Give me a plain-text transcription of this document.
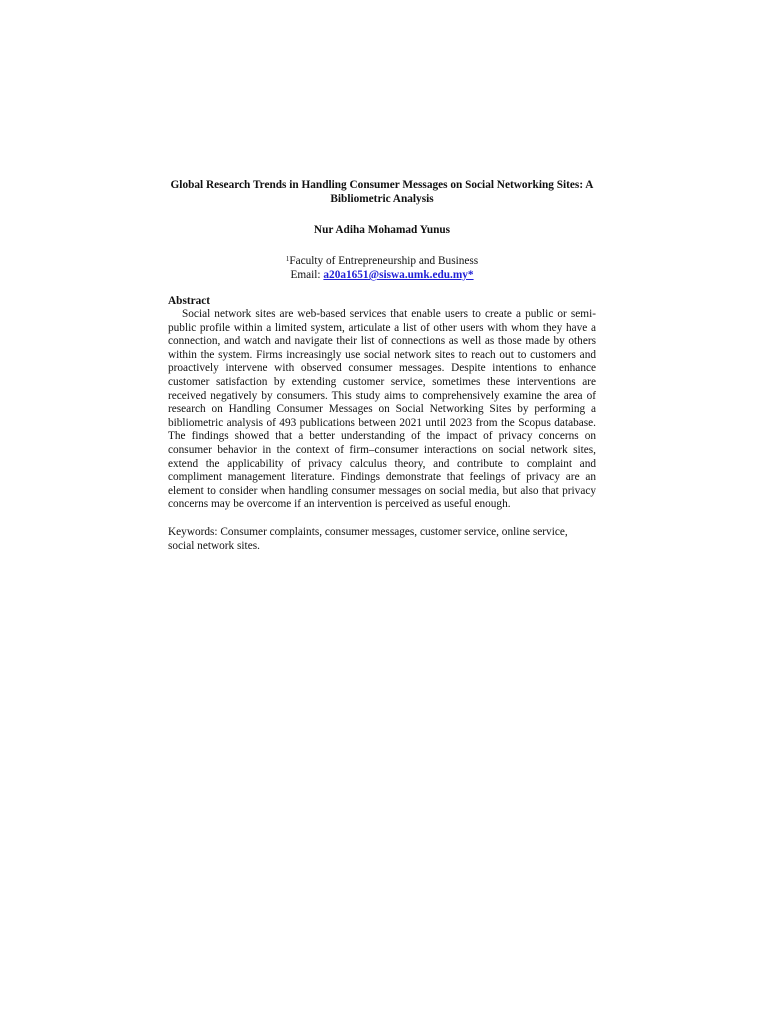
Global Research Trends in Handling Consumer Messages on Social Networking Sites: A Bibliometric Analysis
Nur Adiha Mohamad Yunus
$^1$Faculty of Entrepreneurship and Business
Email: a20a1651@siswa.umk.edu.my*
Abstract

Social network sites are web-based services that enable users to create a public or semi-public profile within a limited system, articulate a list of other users with whom they have a connection, and watch and navigate their list of connections as well as those made by others within the system. Firms increasingly use social network sites to reach out to customers and proactively intervene with observed consumer messages. Despite intentions to enhance customer satisfaction by extending customer service, sometimes these interventions are received negatively by consumers. This study aims to comprehensively examine the area of research on Handling Consumer Messages on Social Networking Sites by performing a bibliometric analysis of 493 publications between 2021 until 2023 from the Scopus database. The findings showed that a better understanding of the impact of privacy concerns on consumer behavior in the context of firm–consumer interactions on social network sites, extend the applicability of privacy calculus theory, and contribute to complaint and compliment management literature. Findings demonstrate that feelings of privacy are an element to consider when handling consumer messages on social media, but also that privacy concerns may be overcome if an intervention is perceived as useful enough.

Keywords: Consumer complaints, consumer messages, customer service, online service, social network sites.
